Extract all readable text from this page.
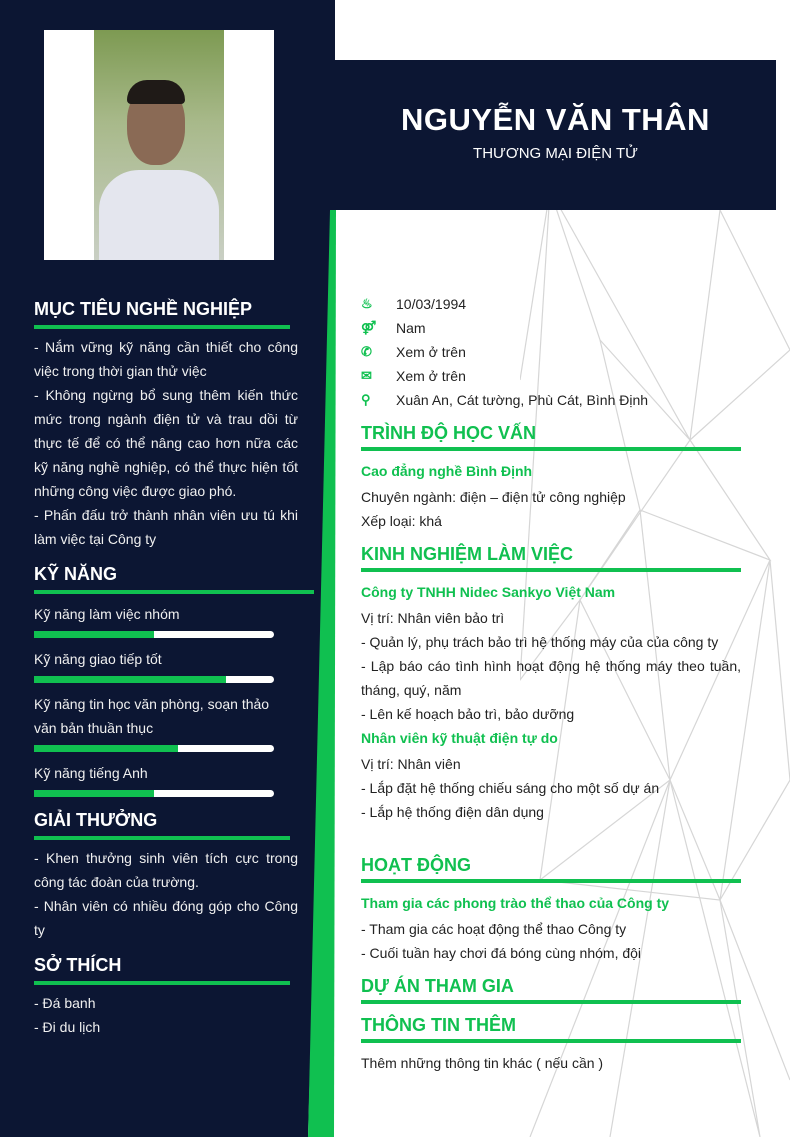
NGUYỄN VĂN THÂN
THƯƠNG MẠI ĐIỆN TỬ
MỤC TIÊU NGHỀ NGHIỆP
- Nắm vững kỹ năng cần thiết cho công việc trong thời gian thử việc
- Không ngừng bổ sung thêm kiến thức mức trong ngành điện tử và trau dồi từ thực tế để có thể nâng cao hơn nữa các kỹ năng nghề nghiệp, có thể thực hiện tốt những công việc được giao phó.
- Phấn đấu trở thành nhân viên ưu tú khi làm việc tại Công ty
KỸ NĂNG
Kỹ năng làm việc nhóm
Kỹ năng giao tiếp tốt
Kỹ năng tin học văn phòng, soạn thảo văn bản thuần thục
Kỹ năng tiếng Anh
GIẢI THƯỞNG
- Khen thưởng sinh viên tích cực trong công tác đoàn của trường.
- Nhân viên có nhiều đóng góp cho Công ty
SỞ THÍCH
- Đá banh
- Đi du lịch
♨	10/03/1994
⚤	Nam
✆	Xem ở trên
✉	Xem ở trên
⚲	Xuân An, Cát tường, Phù Cát, Bình Định
TRÌNH ĐỘ HỌC VẤN
Cao đẳng nghề Bình Định
Chuyên ngành: điện – điện tử công nghiệp
Xếp loại: khá
KINH NGHIỆM LÀM VIỆC
Công ty TNHH Nidec Sankyo Việt Nam
Vị trí: Nhân viên bảo trì
- Quản lý, phụ trách bảo trì hệ thống máy của của công ty
- Lập báo cáo tình hình hoạt động hệ thống máy theo tuần, tháng, quý, năm
- Lên kế hoạch bảo trì, bảo dưỡng
Nhân viên kỹ thuật điện tự do
Vị trí: Nhân viên
- Lắp đặt hệ thống chiếu sáng cho một số dự án
- Lắp hệ thống điện dân dụng
HOẠT ĐỘNG
Tham gia các phong trào thể thao của Công ty
- Tham gia các hoạt động thể thao Công ty
- Cuối tuần hay chơi đá bóng cùng nhóm, đội
DỰ ÁN THAM GIA
THÔNG TIN THÊM
Thêm những thông tin khác ( nếu cần )
